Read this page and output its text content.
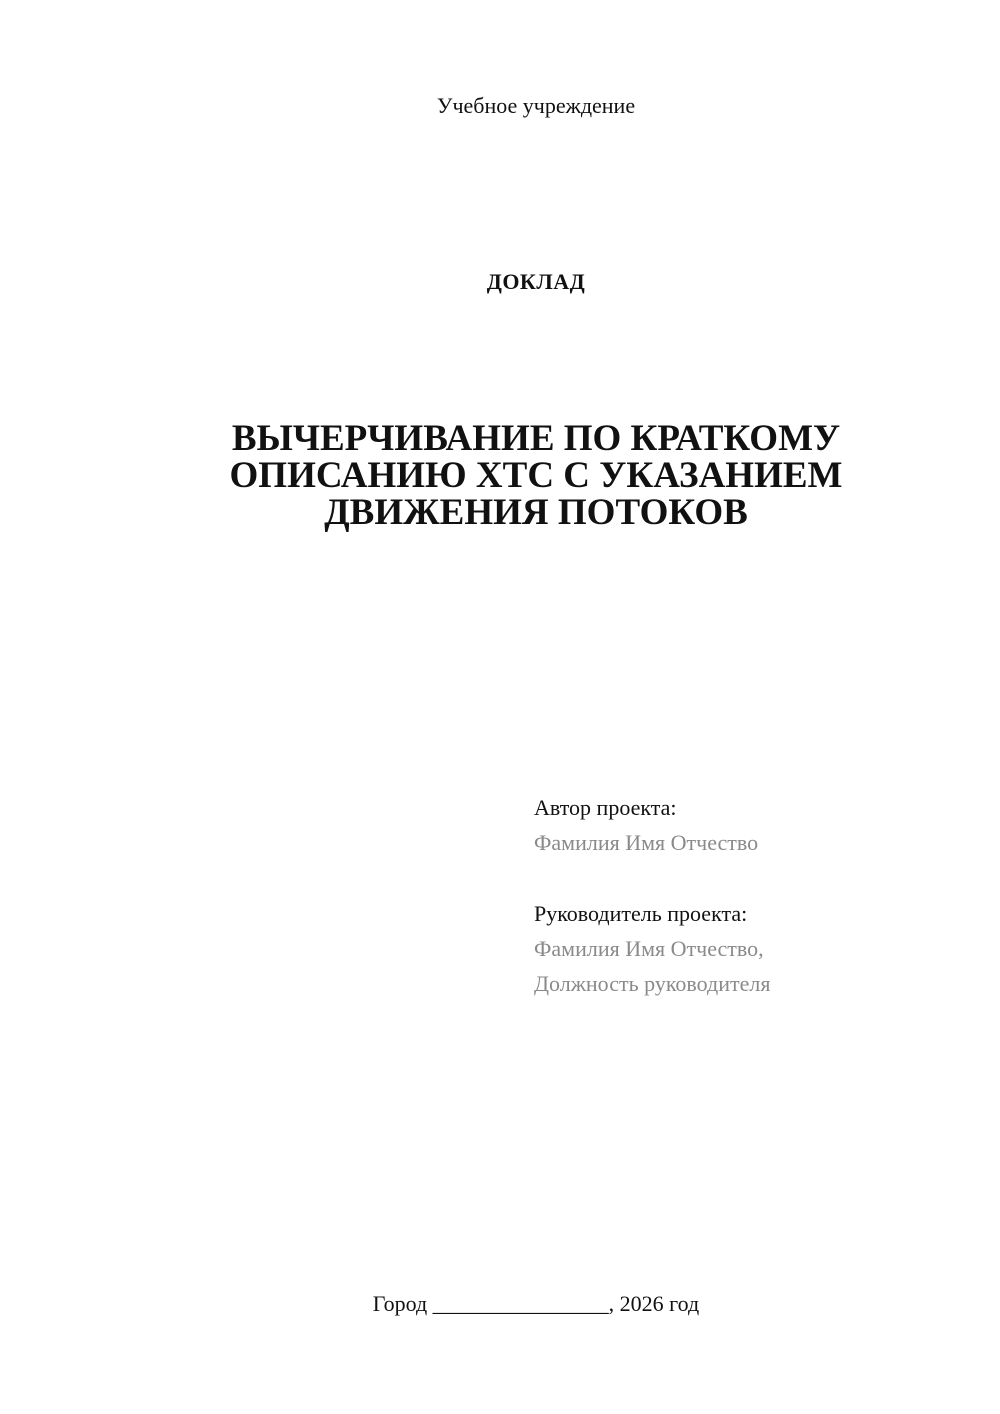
Учебное учреждение
ДОКЛАД
ВЫЧЕРЧИВАНИЕ ПО КРАТКОМУ
ОПИСАНИЮ ХТС С УКАЗАНИЕМ
ДВИЖЕНИЯ ПОТОКОВ
Автор проекта:
Фамилия Имя Отчество
Руководитель проекта:
Фамилия Имя Отчество,
Должность руководителя
Город ________________, 2026 год
